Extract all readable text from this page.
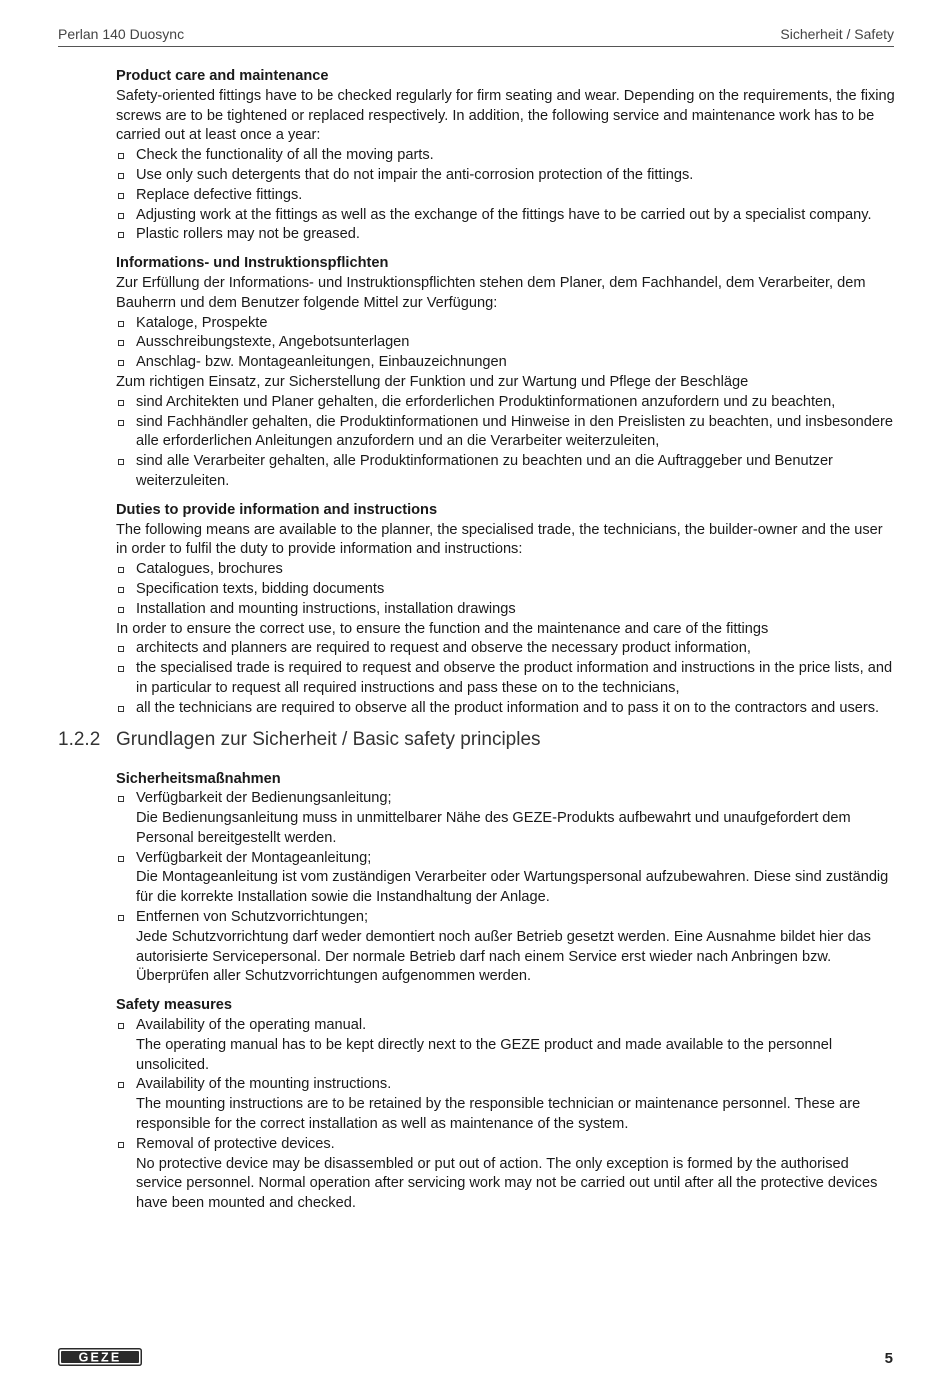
Perlan 140 Duosync	Sicherheit / Safety
Product care and maintenance

Safety-oriented fittings have to be checked regularly for firm seating and wear. Depending on the requirements, the fixing screws are to be tightened or replaced respectively. In addition, the following service and maintenance work has to be carried out at least once a year:

Check the functionality of all the moving parts.
Use only such detergents that do not impair the anti-corrosion protection of the fittings.
Replace defective fittings.
Adjusting work at the fittings as well as the exchange of the fittings have to be carried out by a specialist company.
Plastic rollers may not be greased.
Informations- und Instruktionspflichten

Zur Erfüllung der Informations- und Instruktionspflichten stehen dem Planer, dem Fachhandel, dem Verarbeiter, dem Bauherrn und dem Benutzer folgende Mittel zur Verfügung:

Kataloge, Prospekte
Ausschreibungstexte, Angebotsunterlagen
Anschlag- bzw. Montageanleitungen, Einbauzeichnungen

Zum richtigen Einsatz, zur Sicherstellung der Funktion und zur Wartung und Pflege der Beschläge

sind Architekten und Planer gehalten, die erforderlichen Produktinformationen anzufordern und zu beachten,
sind Fachhändler gehalten, die Produktinformationen und Hinweise in den Preislisten zu beachten, und insbesondere alle erforderlichen Anleitungen anzufordern und an die Verarbeiter weiterzuleiten,
sind alle Verarbeiter gehalten, alle Produktinformationen zu beachten und an die Auftraggeber und Benutzer weiterzuleiten.
Duties to provide information and instructions

The following means are available to the planner, the specialised trade, the technicians, the builder-owner and the user in order to fulfil the duty to provide information and instructions:

Catalogues, brochures
Specification texts, bidding documents
Installation and mounting instructions, installation drawings

In order to ensure the correct use, to ensure the function and the maintenance and care of the fittings

architects and planners are required to request and observe the necessary product information,
the specialised trade is required to request and observe the product information and instructions in the price lists, and in particular to request all required instructions and pass these on to the technicians,
all the technicians are required to observe all the product information and to pass it on to the contractors and users.
1.2.2 Grundlagen zur Sicherheit / Basic safety principles
Sicherheitsmaßnahmen
Verfügbarkeit der Bedienungsanleitung;
Die Bedienungsanleitung muss in unmittelbarer Nähe des GEZE-Produkts aufbewahrt und unaufgefordert dem Personal bereitgestellt werden.
Verfügbarkeit der Montageanleitung;
Die Montageanleitung ist vom zuständigen Verarbeiter oder Wartungspersonal aufzubewahren. Diese sind zuständig für die korrekte Installation sowie die Instandhaltung der Anlage.
Entfernen von Schutzvorrichtungen;
Jede Schutzvorrichtung darf weder demontiert noch außer Betrieb gesetzt werden. Eine Ausnahme bildet hier das autorisierte Servicepersonal. Der normale Betrieb darf nach einem Service erst wieder nach Anbringen bzw. Überprüfen aller Schutzvorrichtungen aufgenommen werden.
Safety measures
Availability of the operating manual.
The operating manual has to be kept directly next to the GEZE product and made available to the personnel unsolicited.
Availability of the mounting instructions.
The mounting instructions are to be retained by the responsible technician or maintenance personnel. These are responsible for the correct installation as well as maintenance of the system.
Removal of protective devices.
No protective device may be disassembled or put out of action. The only exception is formed by the authorised service personnel. Normal operation after servicing work may not be carried out until after all the protective devices have been mounted and checked.
GEZE	5
